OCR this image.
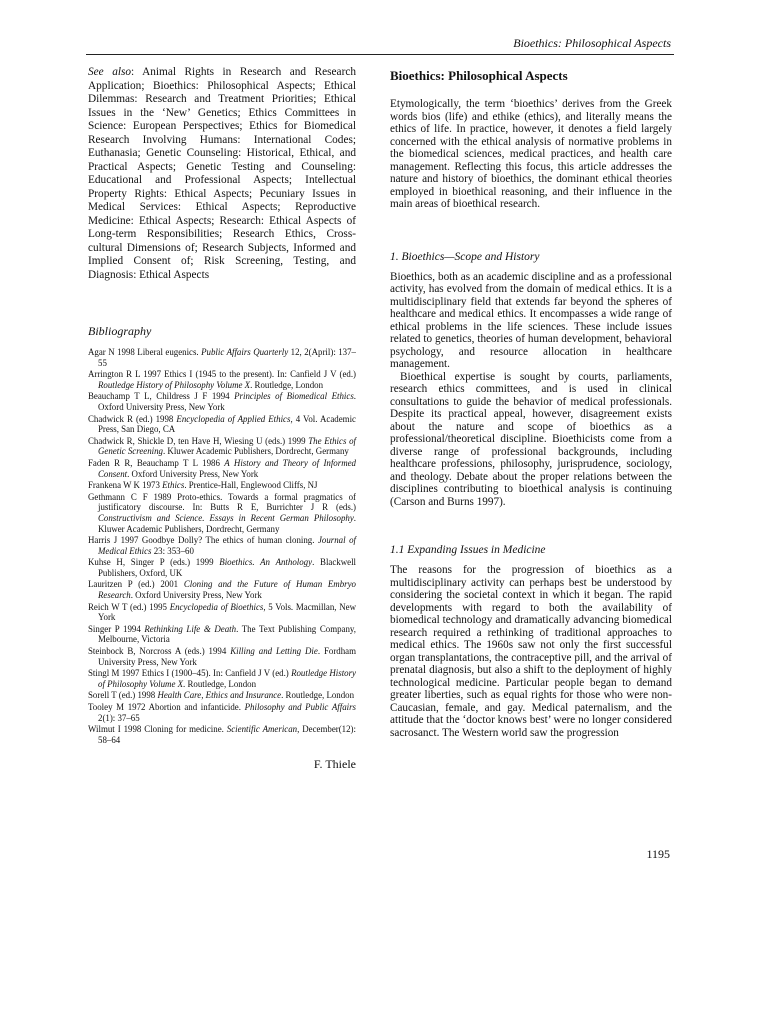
Bioethics: Philosophical Aspects

See also: Animal Rights in Research and Research Application; Bioethics: Philosophical Aspects; Ethical Dilemmas: Research and Treatment Priorities; Ethical Issues in the ‘New’ Genetics; Ethics Committees in Science: European Perspectives; Ethics for Biomedical Research Involving Humans: International Codes; Euthanasia; Genetic Counseling: Historical, Ethical, and Practical Aspects; Genetic Testing and Counseling: Educational and Professional Aspects; Intellectual Property Rights: Ethical Aspects; Pecuniary Issues in Medical Services: Ethical Aspects; Reproductive Medicine: Ethical Aspects; Research: Ethical Aspects of Long-term Responsibilities; Research Ethics, Cross-cultural Dimensions of; Research Subjects, Informed and Implied Consent of; Risk Screening, Testing, and Diagnosis: Ethical Aspects

Bibliography
Agar N 1998 Liberal eugenics. Public Affairs Quarterly 12, 2(April): 137–55
Arrington R L 1997 Ethics I (1945 to the present). In: Canfield J V (ed.) Routledge History of Philosophy Volume X. Routledge, London
Beauchamp T L, Childress J F 1994 Principles of Biomedical Ethics. Oxford University Press, New York
Chadwick R (ed.) 1998 Encyclopedia of Applied Ethics, 4 Vol. Academic Press, San Diego, CA
Chadwick R, Shickle D, ten Have H, Wiesing U (eds.) 1999 The Ethics of Genetic Screening. Kluwer Academic Publishers, Dordrecht, Germany
Faden R R, Beauchamp T L 1986 A History and Theory of Informed Consent. Oxford University Press, New York
Frankena W K 1973 Ethics. Prentice-Hall, Englewood Cliffs, NJ
Gethmann C F 1989 Proto-ethics. Towards a formal pragmatics of justificatory discourse. In: Butts R E, Burrichter J R (eds.) Constructivism and Science. Essays in Recent German Philosophy. Kluwer Academic Publishers, Dordrecht, Germany
Harris J 1997 Goodbye Dolly? The ethics of human cloning. Journal of Medical Ethics 23: 353–60
Kuhse H, Singer P (eds.) 1999 Bioethics. An Anthology. Blackwell Publishers, Oxford, UK
Lauritzen P (ed.) 2001 Cloning and the Future of Human Embryo Research. Oxford University Press, New York
Reich W T (ed.) 1995 Encyclopedia of Bioethics, 5 Vols. Macmillan, New York
Singer P 1994 Rethinking Life & Death. The Text Publishing Company, Melbourne, Victoria
Steinbock B, Norcross A (eds.) 1994 Killing and Letting Die. Fordham University Press, New York
Stingl M 1997 Ethics I (1900–45). In: Canfield J V (ed.) Routledge History of Philosophy Volume X. Routledge, London
Sorell T (ed.) 1998 Health Care, Ethics and Insurance. Routledge, London
Tooley M 1972 Abortion and infanticide. Philosophy and Public Affairs 2(1): 37–65
Wilmut I 1998 Cloning for medicine. Scientific American, December(12): 58–64
F. Thiele
Bioethics: Philosophical Aspects

Etymologically, the term ‘bioethics’ derives from the Greek words bios (life) and ethike (ethics), and literally means the ethics of life. In practice, however, it denotes a field largely concerned with the ethical analysis of normative problems in the biomedical sciences, medical practices, and health care management. Reflecting this focus, this article addresses the nature and history of bioethics, the dominant ethical theories employed in bioethical reasoning, and their influence in the main areas of bioethical research.

1. Bioethics—Scope and History

Bioethics, both as an academic discipline and as a professional activity, has evolved from the domain of medical ethics. It is a multidisciplinary field that extends far beyond the spheres of healthcare and medical ethics. It encompasses a wide range of ethical problems in the life sciences. These include issues related to genetics, theories of human development, behavioral psychology, and resource allocation in healthcare management.

Bioethical expertise is sought by courts, parliaments, research ethics committees, and is used in clinical consultations to guide the behavior of medical professionals. Despite its practical appeal, however, disagreement exists about the nature and scope of bioethics as a professional/theoretical discipline. Bioethicists come from a diverse range of professional backgrounds, including healthcare professions, philosophy, jurisprudence, sociology, and theology. Debate about the proper relations between the disciplines contributing to bioethical analysis is continuing (Carson and Burns 1997).

1.1 Expanding Issues in Medicine

The reasons for the progression of bioethics as a multidisciplinary activity can perhaps best be understood by considering the societal context in which it began. The rapid developments with regard to both the availability of biomedical technology and dramatically advancing biomedical research required a rethinking of traditional approaches to medical ethics. The 1960s saw not only the first successful organ transplantations, the contraceptive pill, and the arrival of prenatal diagnosis, but also a shift to the deployment of highly technological medicine. Particular people began to demand greater liberties, such as equal rights for those who were non-Caucasian, female, and gay. Medical paternalism, and the attitude that the ‘doctor knows best’ were no longer considered sacrosanct. The Western world saw the progression

1195
